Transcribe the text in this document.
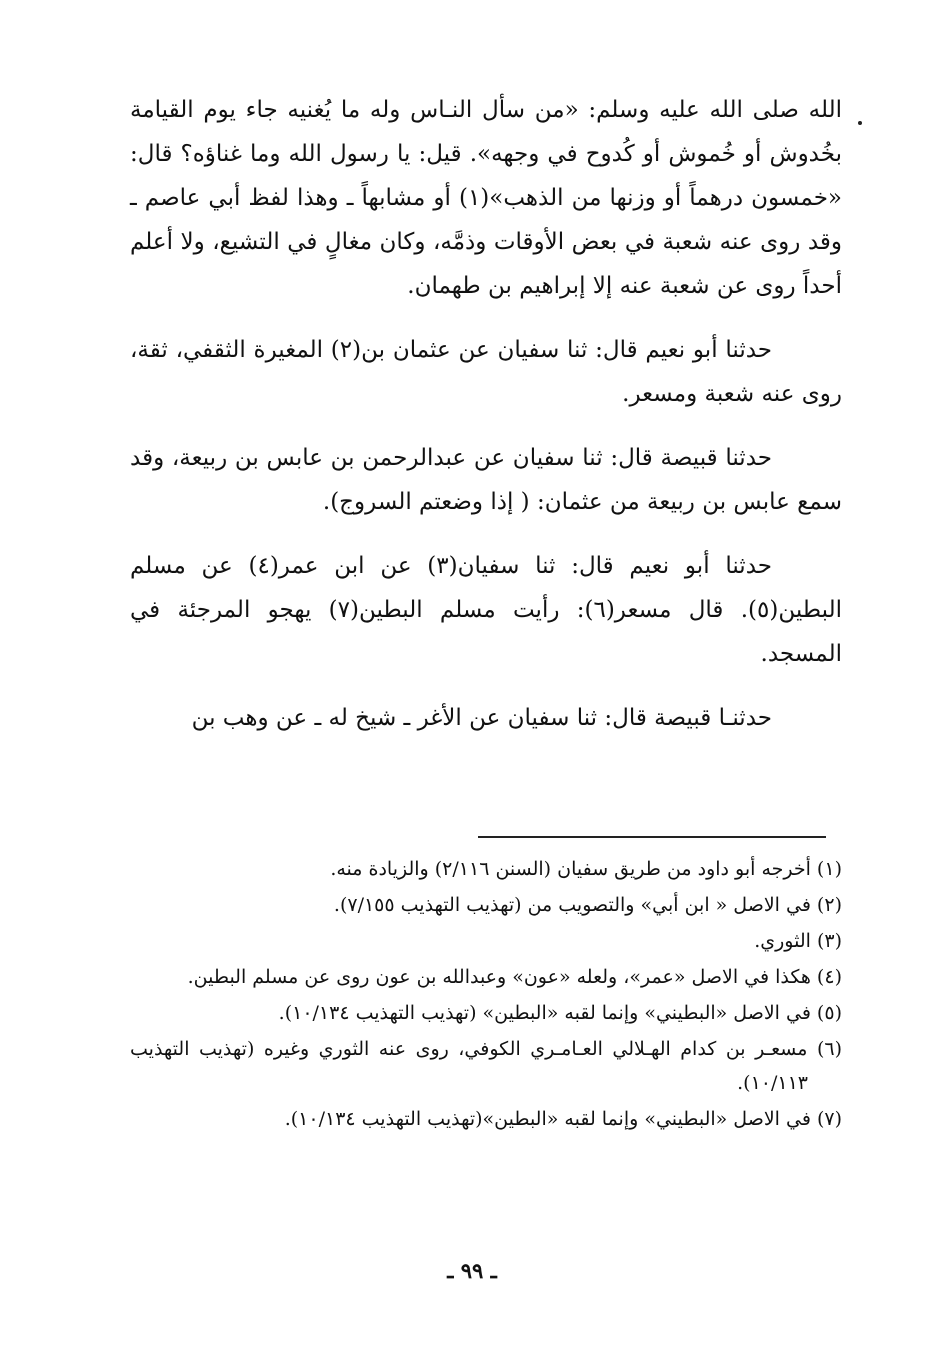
الله صلى الله عليه وسلم: «من سأل النـاس وله ما يُغنيه جاء يوم القيامة بخُدوش أو خُموش أو كُدوح في وجهه». قيل: يا رسول الله وما غناؤه؟ قال: «خمسون درهماً أو وزنها من الذهب»(١) أو مشابهاً ـ وهذا لفظ أبي عاصم ـ وقد روى عنه شعبة في بعض الأوقات وذمَّه، وكان مغالٍ في التشيع، ولا أعلم أحداً روى عن شعبة عنه إلا إبراهيم بن طهمان.

حدثنا أبو نعيم قال: ثنا سفيان عن عثمان بن(٢) المغيرة الثقفي، ثقة، روى عنه شعبة ومسعر.

حدثنا قبيصة قال: ثنا سفيان عن عبدالرحمن بن عابس بن ربيعة، وقد سمع عابس بن ربيعة من عثمان: ( إذا وضعتم السروج).

حدثنا أبو نعيم قال: ثنا سفيان(٣) عن ابن عمر(٤) عن مسلم البطين(٥). قال مسعر(٦): رأيت مسلم البطين(٧) يهجو المرجئة في المسجد.

حدثنـا قبيصة قال: ثنا سفيان عن الأغر ـ شيخ له ـ عن وهب بن

(١) أخرجه أبو داود من طريق سفيان (السنن ٢/١١٦) والزيادة منه.

(٢) في الاصل « ابن أبي» والتصويب من (تهذيب التهذيب ٧/١٥٥).

(٣) الثوري.

(٤) هكذا في الاصل «عمر»، ولعله «عون» وعبدالله بن عون روى عن مسلم البطين.

(٥) في الاصل «البطيني» وإنما لقبه «البطين» (تهذيب التهذيب ١٠/١٣٤).

(٦) مسعـر بن كدام الهـلالي العـامـري الكوفي، روى عنه الثوري وغيره (تهذيب التهذيب ١٠/١١٣).

(٧) في الاصل «البطيني» وإنما لقبه «البطين»(تهذيب التهذيب ١٠/١٣٤).

ـ ٩٩ ـ
